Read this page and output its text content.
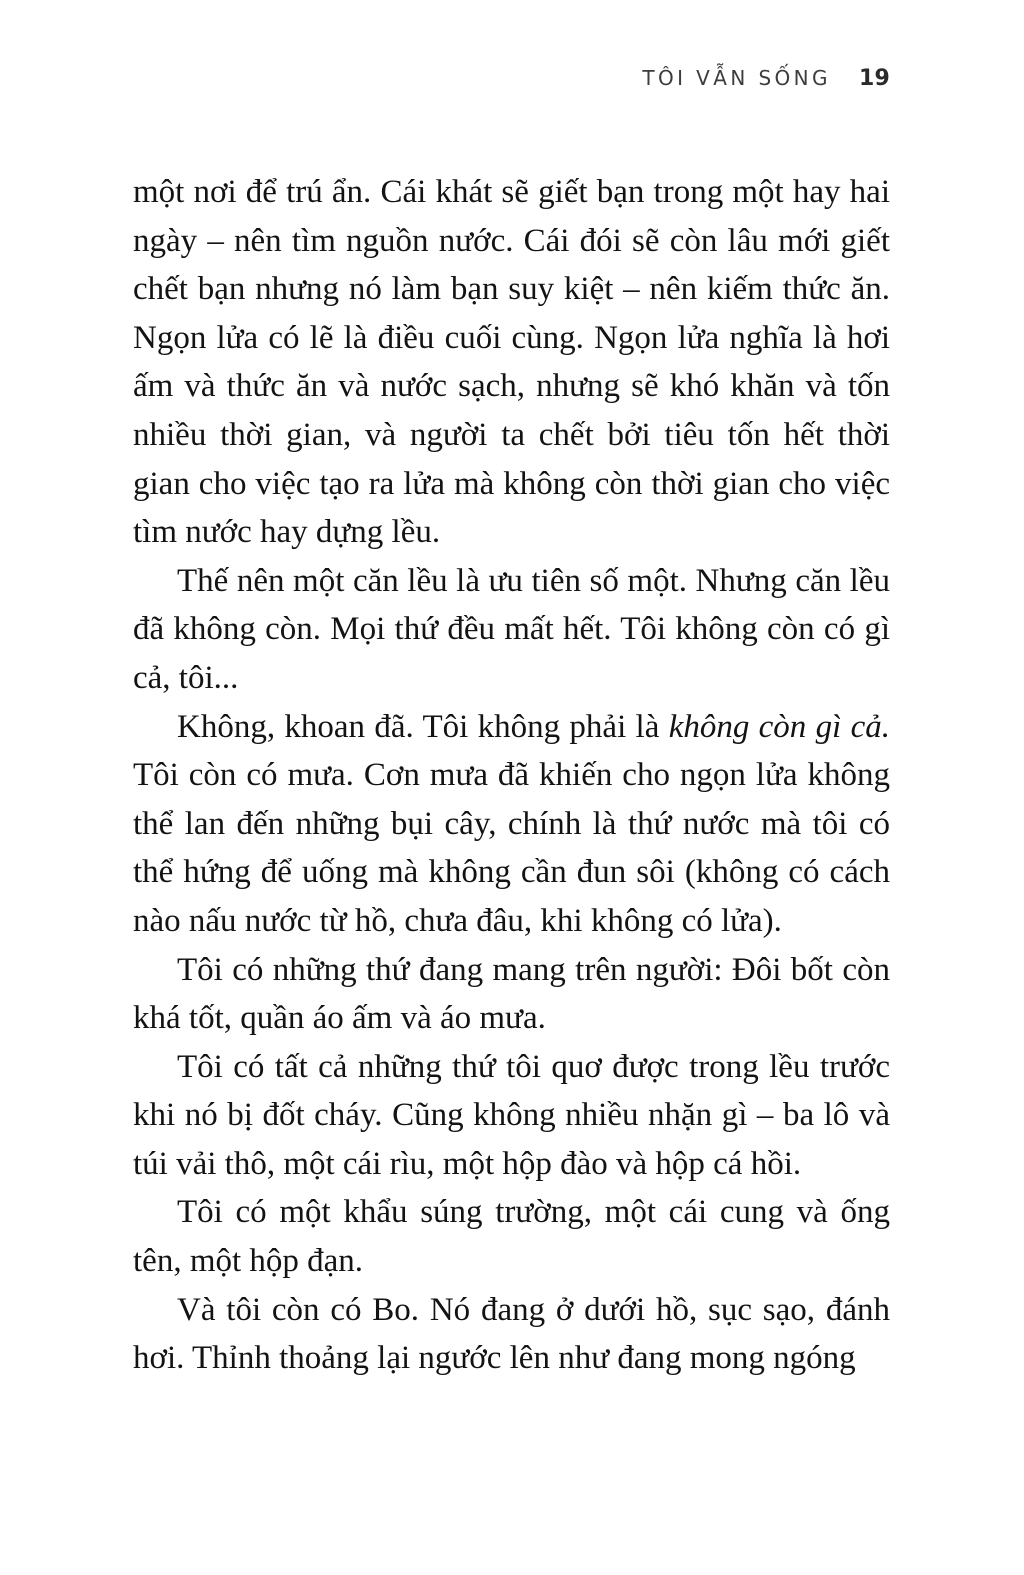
TÔI VẪN SỐNG 19

một nơi để trú ẩn. Cái khát sẽ giết bạn trong một hay hai ngày – nên tìm nguồn nước. Cái đói sẽ còn lâu mới giết chết bạn nhưng nó làm bạn suy kiệt – nên kiếm thức ăn. Ngọn lửa có lẽ là điều cuối cùng. Ngọn lửa nghĩa là hơi ấm và thức ăn và nước sạch, nhưng sẽ khó khăn và tốn nhiều thời gian, và người ta chết bởi tiêu tốn hết thời gian cho việc tạo ra lửa mà không còn thời gian cho việc tìm nước hay dựng lều.

Thế nên một căn lều là ưu tiên số một. Nhưng căn lều đã không còn. Mọi thứ đều mất hết. Tôi không còn có gì cả, tôi...

Không, khoan đã. Tôi không phải là không còn gì cả. Tôi còn có mưa. Cơn mưa đã khiến cho ngọn lửa không thể lan đến những bụi cây, chính là thứ nước mà tôi có thể hứng để uống mà không cần đun sôi (không có cách nào nấu nước từ hồ, chưa đâu, khi không có lửa).

Tôi có những thứ đang mang trên người: Đôi bốt còn khá tốt, quần áo ấm và áo mưa.

Tôi có tất cả những thứ tôi quơ được trong lều trước khi nó bị đốt cháy. Cũng không nhiều nhặn gì – ba lô và túi vải thô, một cái rìu, một hộp đào và hộp cá hồi.

Tôi có một khẩu súng trường, một cái cung và ống tên, một hộp đạn.

Và tôi còn có Bo. Nó đang ở dưới hồ, sục sạo, đánh hơi. Thỉnh thoảng lại ngước lên như đang mong ngóng
